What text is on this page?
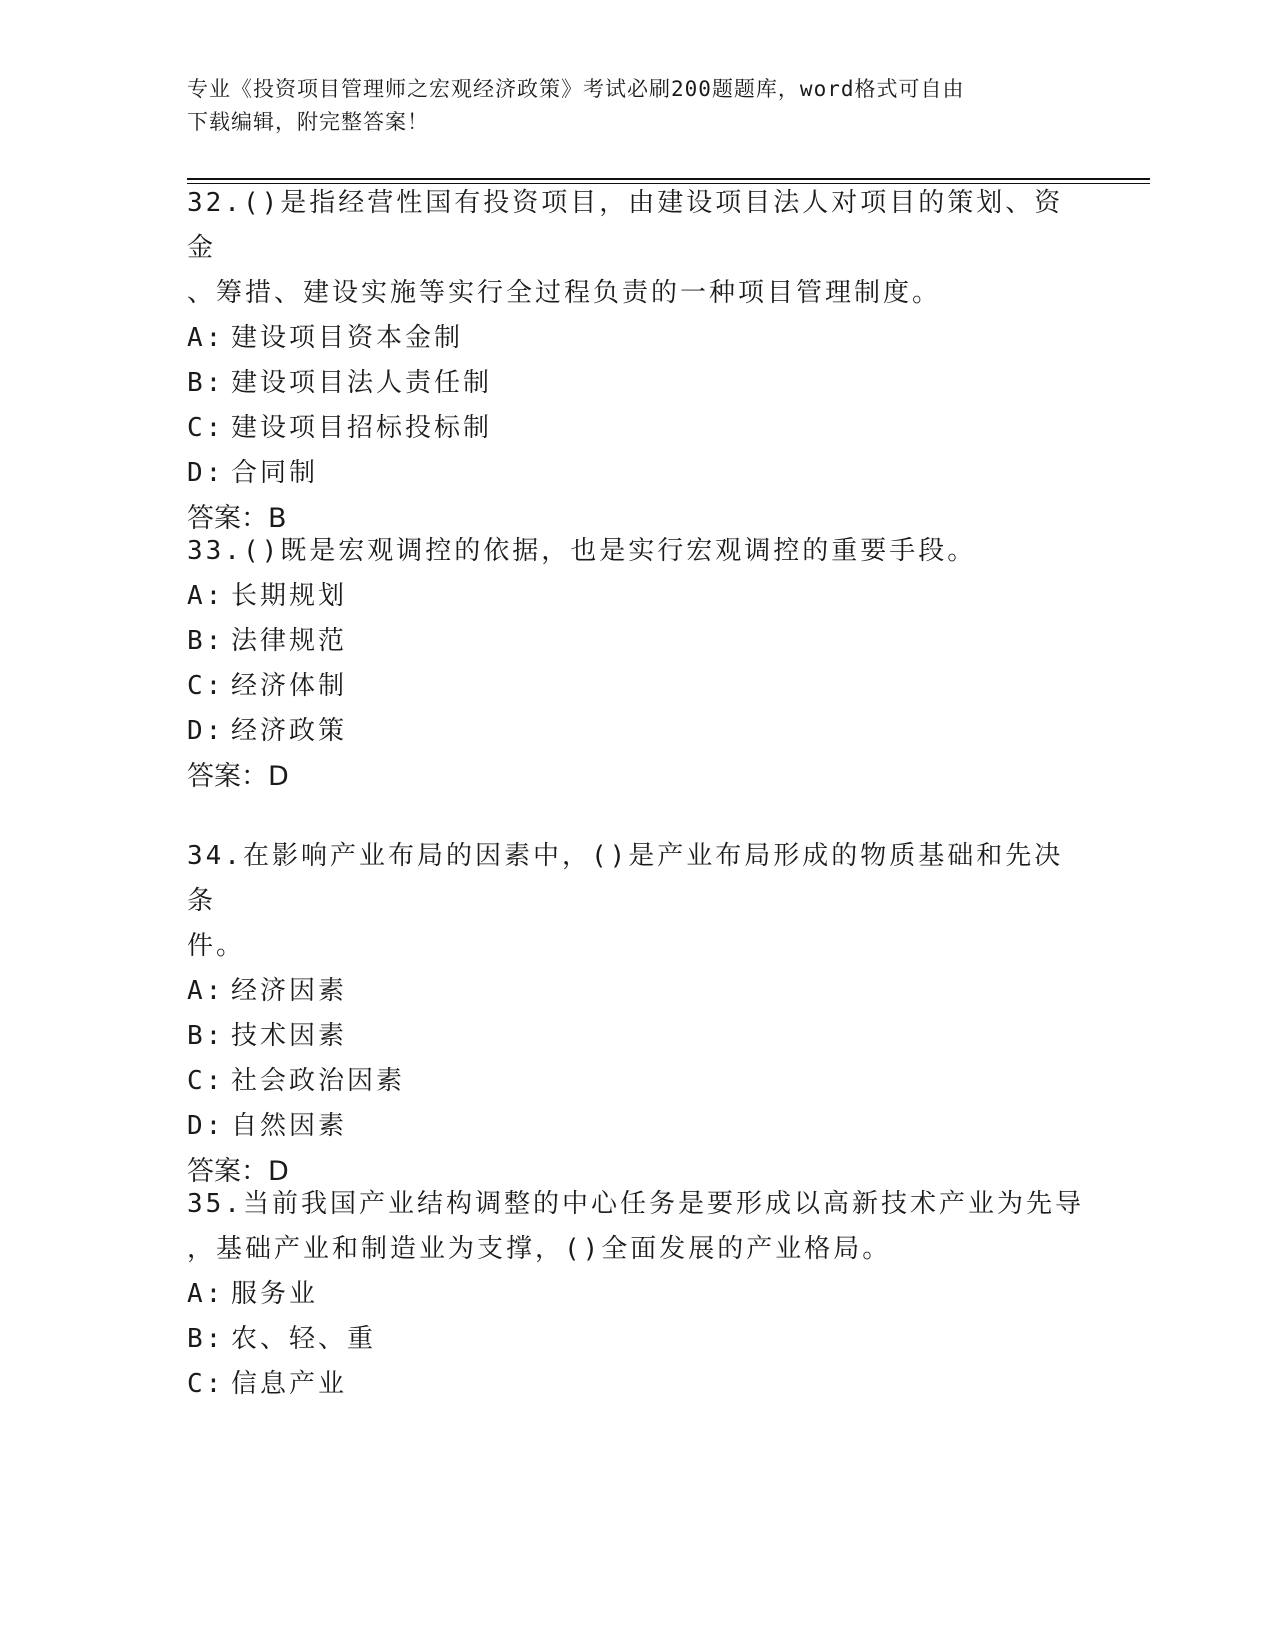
专业《投资项目管理师之宏观经济政策》考试必刷200题题库，word格式可自由
下载编辑，附完整答案！
32.()是指经营性国有投资项目，由建设项目法人对项目的策划、资金
、筹措、建设实施等实行全过程负责的一种项目管理制度。
A: 建设项目资本金制
B: 建设项目法人责任制
C: 建设项目招标投标制
D: 合同制
答案：B
33.()既是宏观调控的依据，也是实行宏观调控的重要手段。
A: 长期规划
B: 法律规范
C: 经济体制
D: 经济政策
答案：D
34.在影响产业布局的因素中，()是产业布局形成的物质基础和先决条
件。
A: 经济因素
B: 技术因素
C: 社会政治因素
D: 自然因素
答案：D
35.当前我国产业结构调整的中心任务是要形成以高新技术产业为先导
，基础产业和制造业为支撑，()全面发展的产业格局。
A: 服务业
B: 农、轻、重
C: 信息产业
